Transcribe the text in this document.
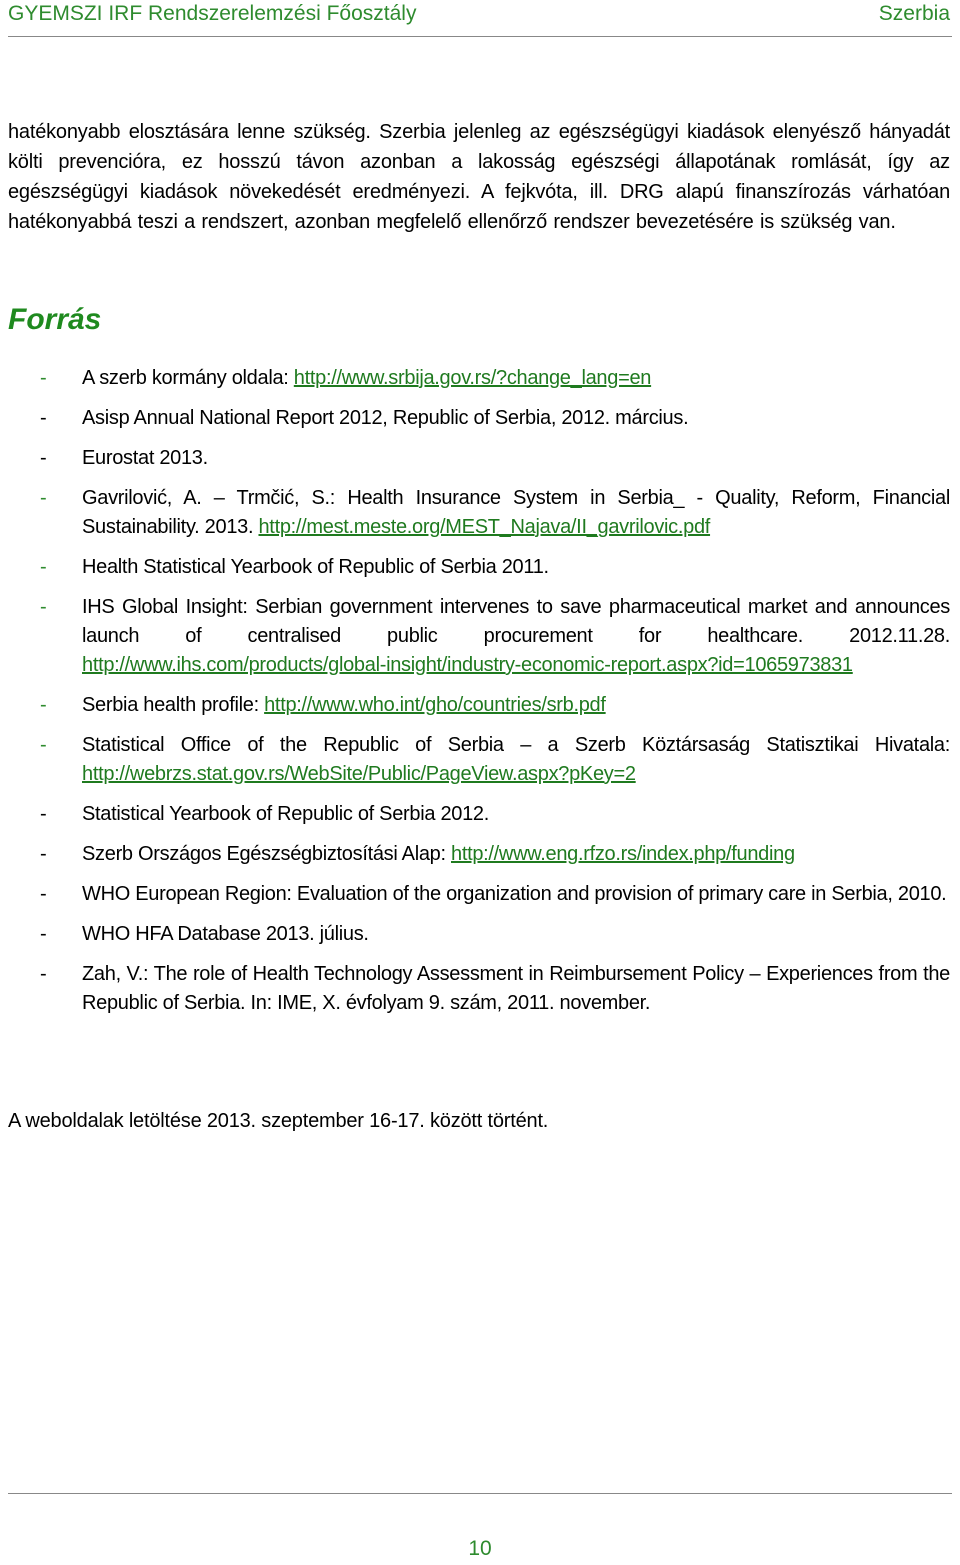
GYEMSZI IRF Rendszerelemzési Főosztály	Szerbia

hatékonyabb elosztására lenne szükség. Szerbia jelenleg az egészségügyi kiadások elenyésző hányadát költi prevencióra, ez hosszú távon azonban a lakosság egészségi állapotának romlását, így az egészségügyi kiadások növekedését eredményezi. A fejkvóta, ill. DRG alapú finanszírozás várhatóan hatékonyabbá teszi a rendszert, azonban megfelelő ellenőrző rendszer bevezetésére is szükség van.

Forrás
- A szerb kormány oldala: http://www.srbija.gov.rs/?change_lang=en
- Asisp Annual National Report 2012, Republic of Serbia, 2012. március.
- Eurostat 2013.
- Gavrilović, A. – Trmčić, S.: Health Insurance System in Serbia_ - Quality, Reform, Financial Sustainability. 2013. http://mest.meste.org/MEST_Najava/II_gavrilovic.pdf
- Health Statistical Yearbook of Republic of Serbia 2011.
- IHS Global Insight: Serbian government intervenes to save pharmaceutical market and announces launch of centralised public procurement for healthcare. 2012.11.28. http://www.ihs.com/products/global-insight/industry-economic-report.aspx?id=1065973831
- Serbia health profile: http://www.who.int/gho/countries/srb.pdf
- Statistical Office of the Republic of Serbia – a Szerb Köztársaság Statisztikai Hivatala: http://webrzs.stat.gov.rs/WebSite/Public/PageView.aspx?pKey=2
- Statistical Yearbook of Republic of Serbia 2012.
- Szerb Országos Egészségbiztosítási Alap: http://www.eng.rfzo.rs/index.php/funding
- WHO European Region: Evaluation of the organization and provision of primary care in Serbia, 2010.
- WHO HFA Database 2013. július.
- Zah, V.: The role of Health Technology Assessment in Reimbursement Policy – Experiences from the Republic of Serbia. In: IME, X. évfolyam 9. szám, 2011. november.
A weboldalak letöltése 2013. szeptember 16-17. között történt.
10
